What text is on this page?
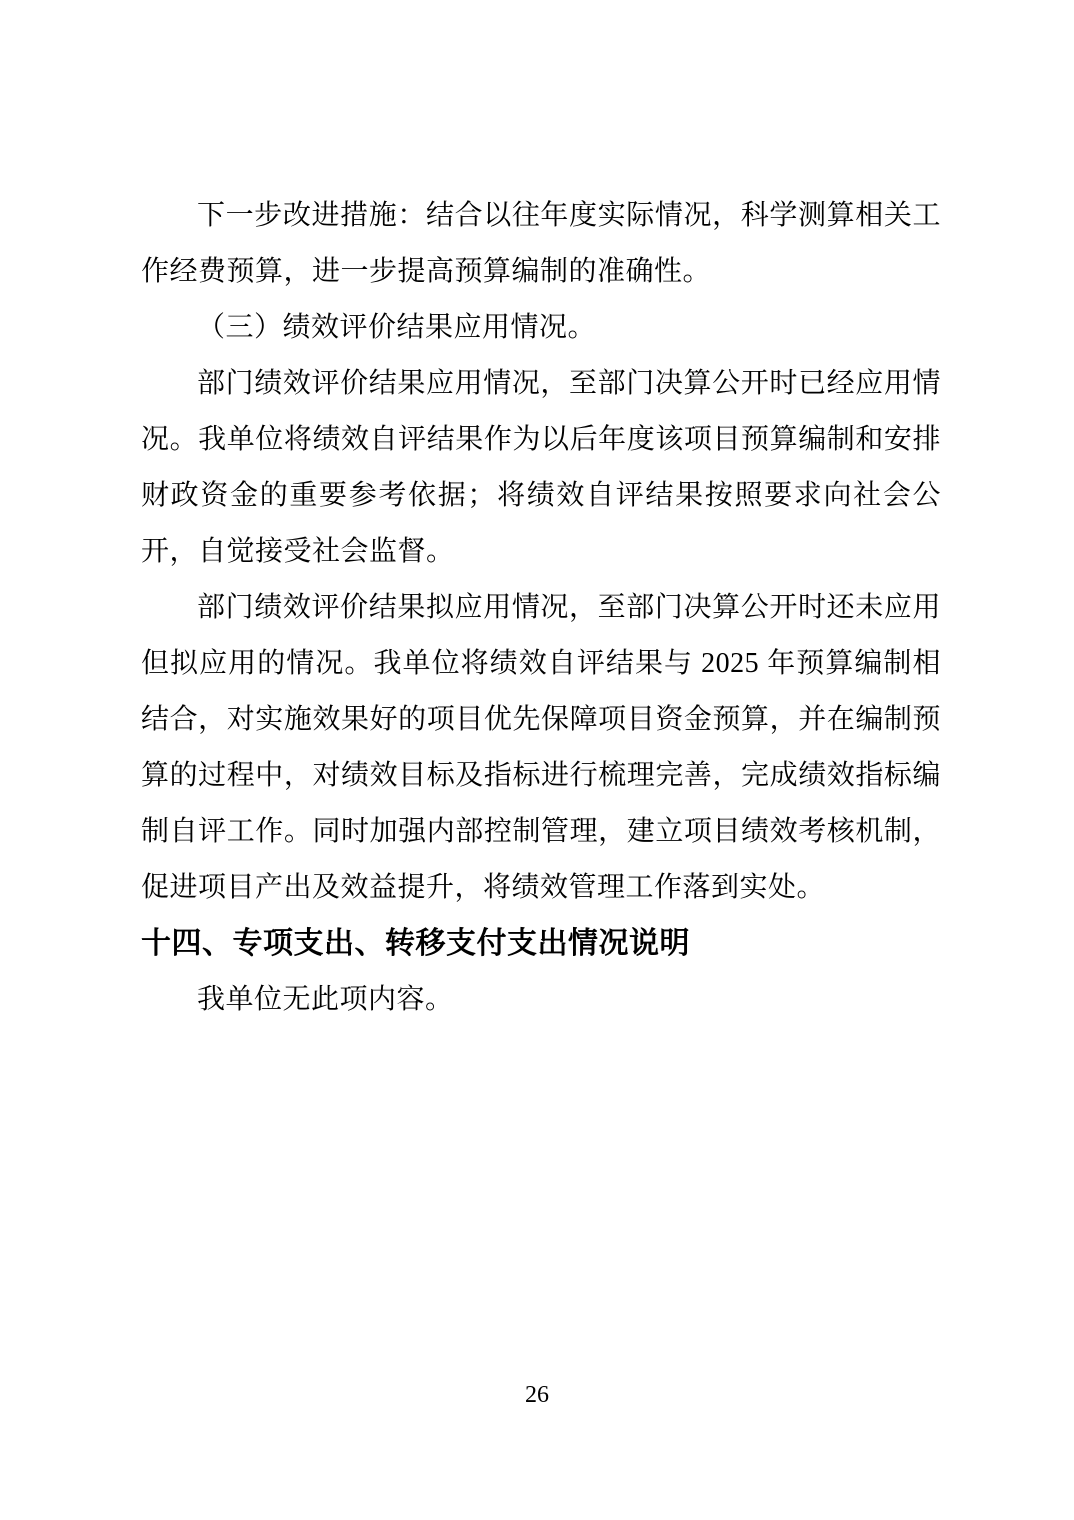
下一步改进措施：结合以往年度实际情况，科学测算相关工作经费预算，进一步提高预算编制的准确性。

（三）绩效评价结果应用情况。

部门绩效评价结果应用情况，至部门决算公开时已经应用情况。我单位将绩效自评结果作为以后年度该项目预算编制和安排财政资金的重要参考依据；将绩效自评结果按照要求向社会公开，自觉接受社会监督。

部门绩效评价结果拟应用情况，至部门决算公开时还未应用但拟应用的情况。我单位将绩效自评结果与 2025 年预算编制相结合，对实施效果好的项目优先保障项目资金预算，并在编制预算的过程中，对绩效目标及指标进行梳理完善，完成绩效指标编制自评工作。同时加强内部控制管理，建立项目绩效考核机制，促进项目产出及效益提升，将绩效管理工作落到实处。

十四、专项支出、转移支付支出情况说明

我单位无此项内容。

26
